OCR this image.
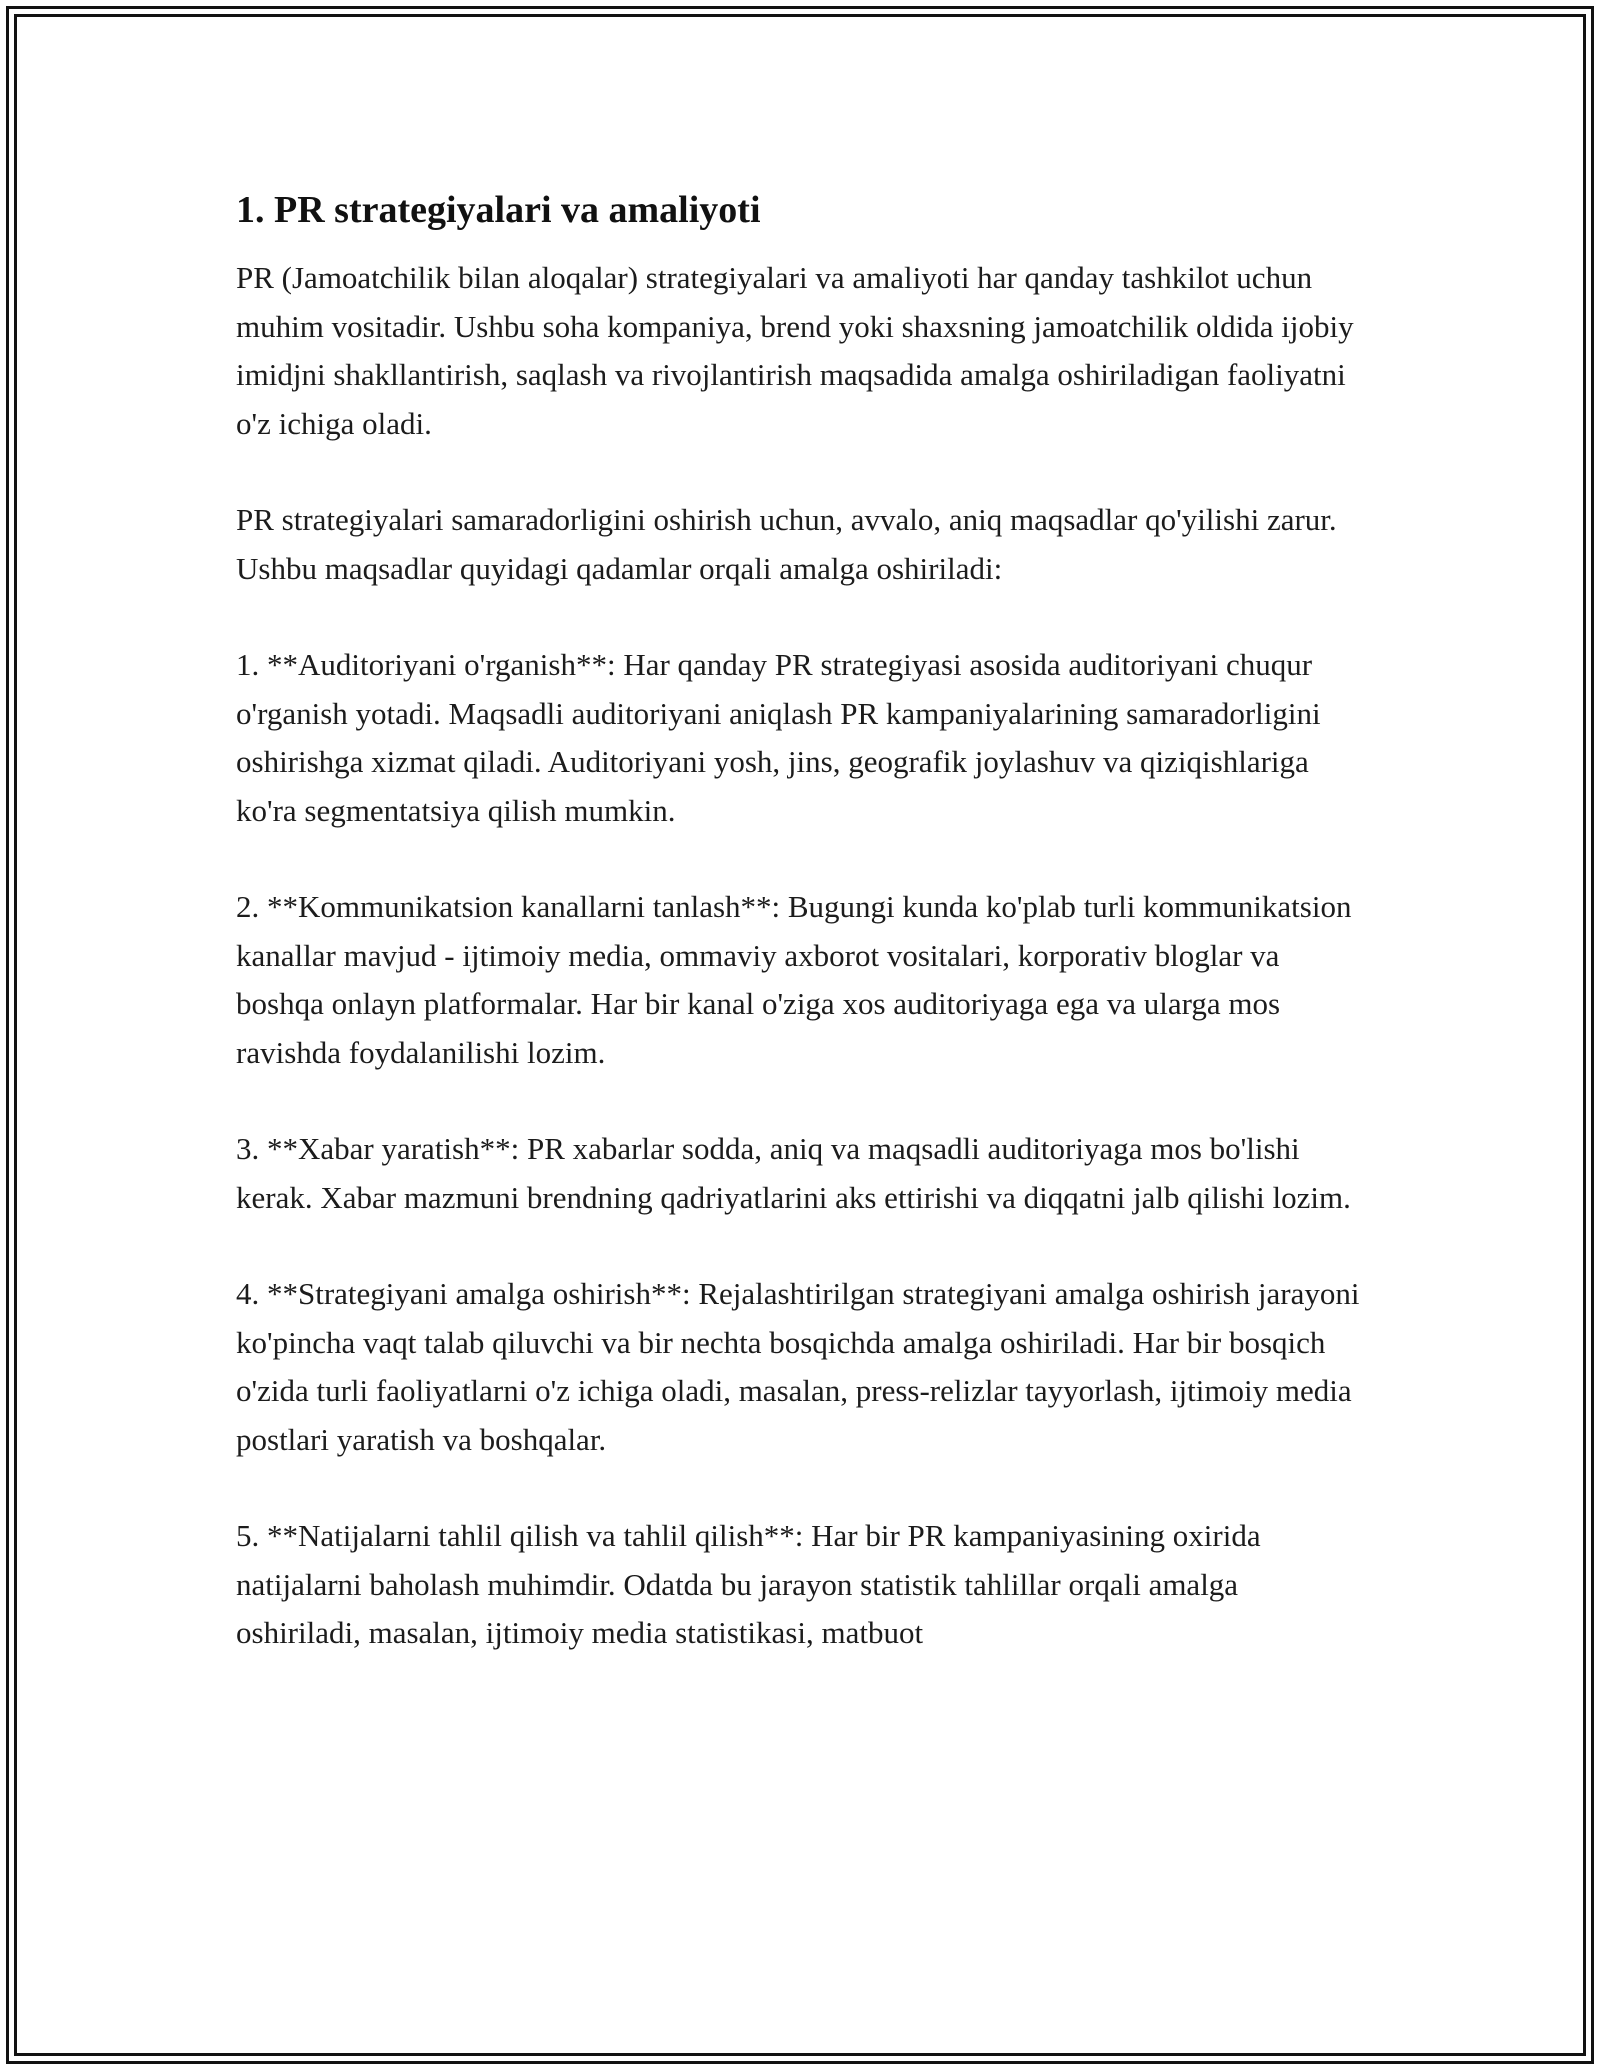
1. PR strategiyalari va amaliyoti

PR (Jamoatchilik bilan aloqalar) strategiyalari va amaliyoti har qanday tashkilot uchun muhim vositadir. Ushbu soha kompaniya, brend yoki shaxsning jamoatchilik oldida ijobiy imidjni shakllantirish, saqlash va rivojlantirish maqsadida amalga oshiriladigan faoliyatni o'z ichiga oladi.

PR strategiyalari samaradorligini oshirish uchun, avvalo, aniq maqsadlar qo'yilishi zarur. Ushbu maqsadlar quyidagi qadamlar orqali amalga oshiriladi:

1. **Auditoriyani o'rganish**: Har qanday PR strategiyasi asosida auditoriyani chuqur o'rganish yotadi. Maqsadli auditoriyani aniqlash PR kampaniyalarining samaradorligini oshirishga xizmat qiladi. Auditoriyani yosh, jins, geografik joylashuv va qiziqishlariga ko'ra segmentatsiya qilish mumkin.

2. **Kommunikatsion kanallarni tanlash**: Bugungi kunda ko'plab turli kommunikatsion kanallar mavjud - ijtimoiy media, ommaviy axborot vositalari, korporativ bloglar va boshqa onlayn platformalar. Har bir kanal o'ziga xos auditoriyaga ega va ularga mos ravishda foydalanilishi lozim.

3. **Xabar yaratish**: PR xabarlar sodda, aniq va maqsadli auditoriyaga mos bo'lishi kerak. Xabar mazmuni brendning qadriyatlarini aks ettirishi va diqqatni jalb qilishi lozim.

4. **Strategiyani amalga oshirish**: Rejalashtirilgan strategiyani amalga oshirish jarayoni ko'pincha vaqt talab qiluvchi va bir nechta bosqichda amalga oshiriladi. Har bir bosqich o'zida turli faoliyatlarni o'z ichiga oladi, masalan, press-relizlar tayyorlash, ijtimoiy media postlari yaratish va boshqalar.

5. **Natijalarni tahlil qilish va tahlil qilish**: Har bir PR kampaniyasining oxirida natijalarni baholash muhimdir. Odatda bu jarayon statistik tahlillar orqali amalga oshiriladi, masalan, ijtimoiy media statistikasi, matbuot
